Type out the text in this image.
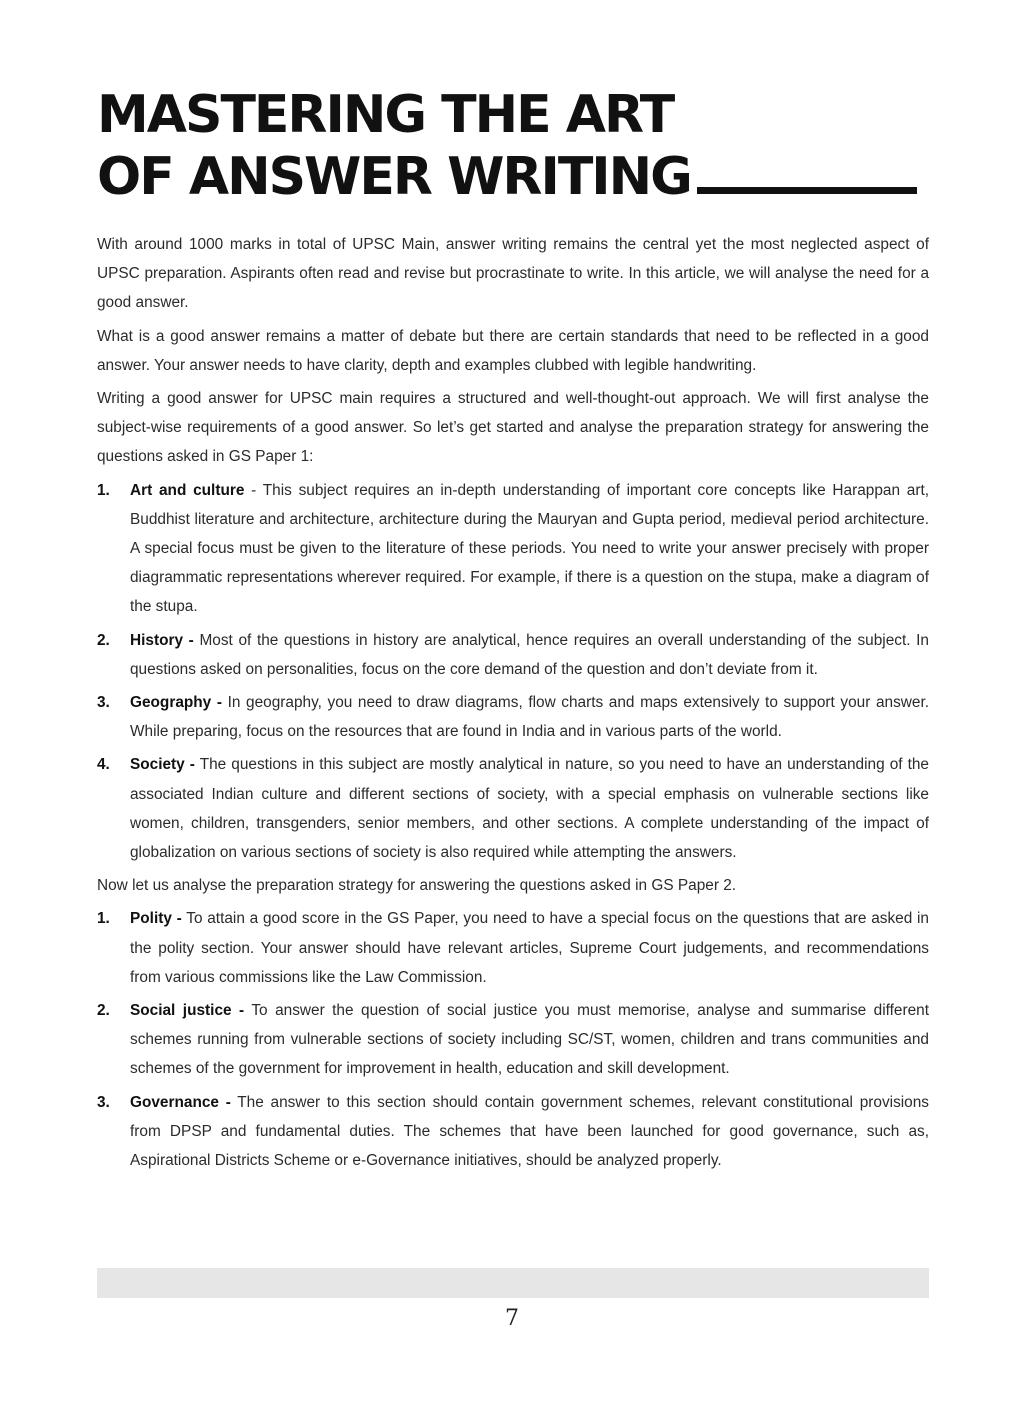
MASTERING THE ART
OF ANSWER WRITING

With around 1000 marks in total of UPSC Main, answer writing remains the central yet the most neglected aspect of UPSC preparation. Aspirants often read and revise but procrastinate to write. In this article, we will analyse the need for a good answer.

What is a good answer remains a matter of debate but there are certain standards that need to be reflected in a good answer. Your answer needs to have clarity, depth and examples clubbed with legible handwriting.

Writing a good answer for UPSC main requires a structured and well-thought-out approach. We will first analyse the subject-wise requirements of a good answer. So let’s get started and analyse the preparation strategy for answering the questions asked in GS Paper 1:

1.	Art and culture - This subject requires an in-depth understanding of important core concepts like Harappan art, Buddhist literature and architecture, architecture during the Mauryan and Gupta period, medieval period architecture. A special focus must be given to the literature of these periods. You need to write your answer precisely with proper diagrammatic representations wherever required. For example, if there is a question on the stupa, make a diagram of the stupa.
2.	History - Most of the questions in history are analytical, hence requires an overall understanding of the subject. In questions asked on personalities, focus on the core demand of the question and don’t deviate from it.
3.	Geography - In geography, you need to draw diagrams, flow charts and maps extensively to support your answer. While preparing, focus on the resources that are found in India and in various parts of the world.
4.	Society - The questions in this subject are mostly analytical in nature, so you need to have an understanding of the associated Indian culture and different sections of society, with a special emphasis on vulnerable sections like women, children, transgenders, senior members, and other sections. A complete understanding of the impact of globalization on various sections of society is also required while attempting the answers.

Now let us analyse the preparation strategy for answering the questions asked in GS Paper 2.

1.	Polity - To attain a good score in the GS Paper, you need to have a special focus on the questions that are asked in the polity section. Your answer should have relevant articles, Supreme Court judgements, and recommendations from various commissions like the Law Commission.
2.	Social justice - To answer the question of social justice you must memorise, analyse and summarise different schemes running from vulnerable sections of society including SC/ST, women, children and trans communities and schemes of the government for improvement in health, education and skill development.
3.	Governance - The answer to this section should contain government schemes, relevant constitutional provisions from DPSP and fundamental duties. The schemes that have been launched for good governance, such as, Aspirational Districts Scheme or e-Governance initiatives, should be analyzed properly.
7
